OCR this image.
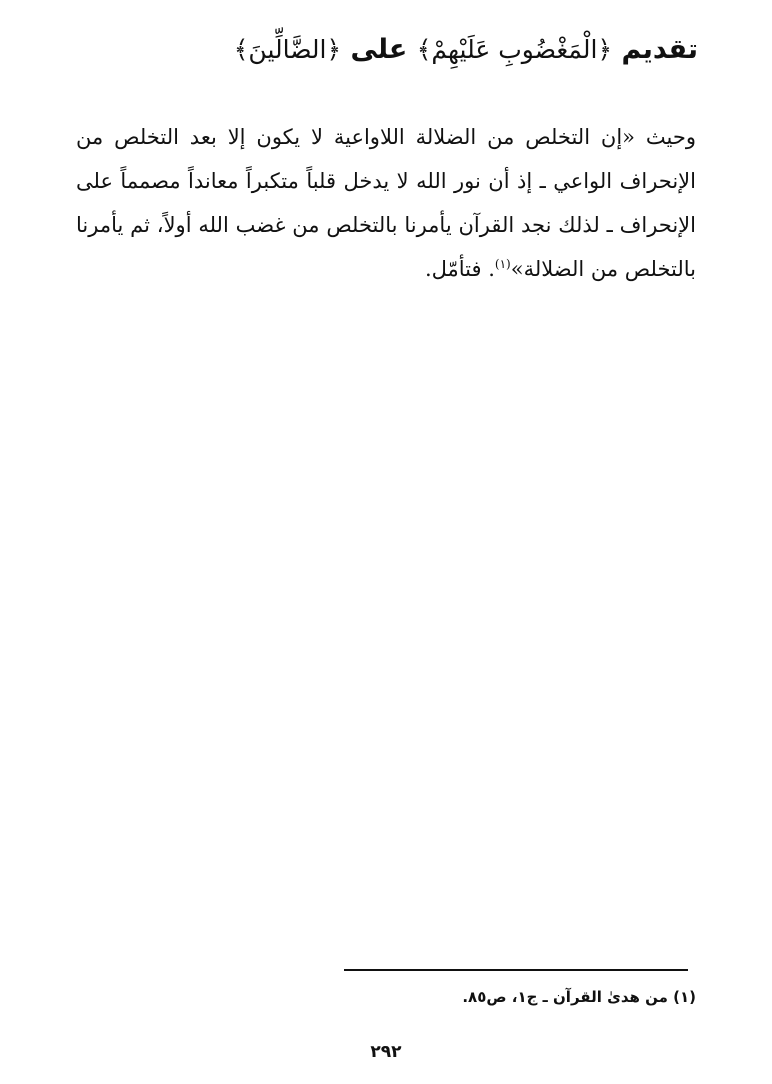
تقديم ﴿الْمَغْضُوبِ عَلَيْهِمْ﴾ على ﴿الضَّالِّينَ﴾

وحيث «إن التخلص من الضلالة اللاواعية لا يكون إلا بعد التخلص من الإنحراف الواعي ـ إذ أن نور الله لا يدخل قلباً متكبراً معانداً مصمماً على الإنحراف ـ لذلك نجد القرآن يأمرنا بالتخلص من غضب الله أولاً، ثم يأمرنا بالتخلص من الضلالة»$^{(١)}$. فتأمّل.

(١) من هدىٰ القرآن ـ ج١، ص٨٥.
٢٩٢
